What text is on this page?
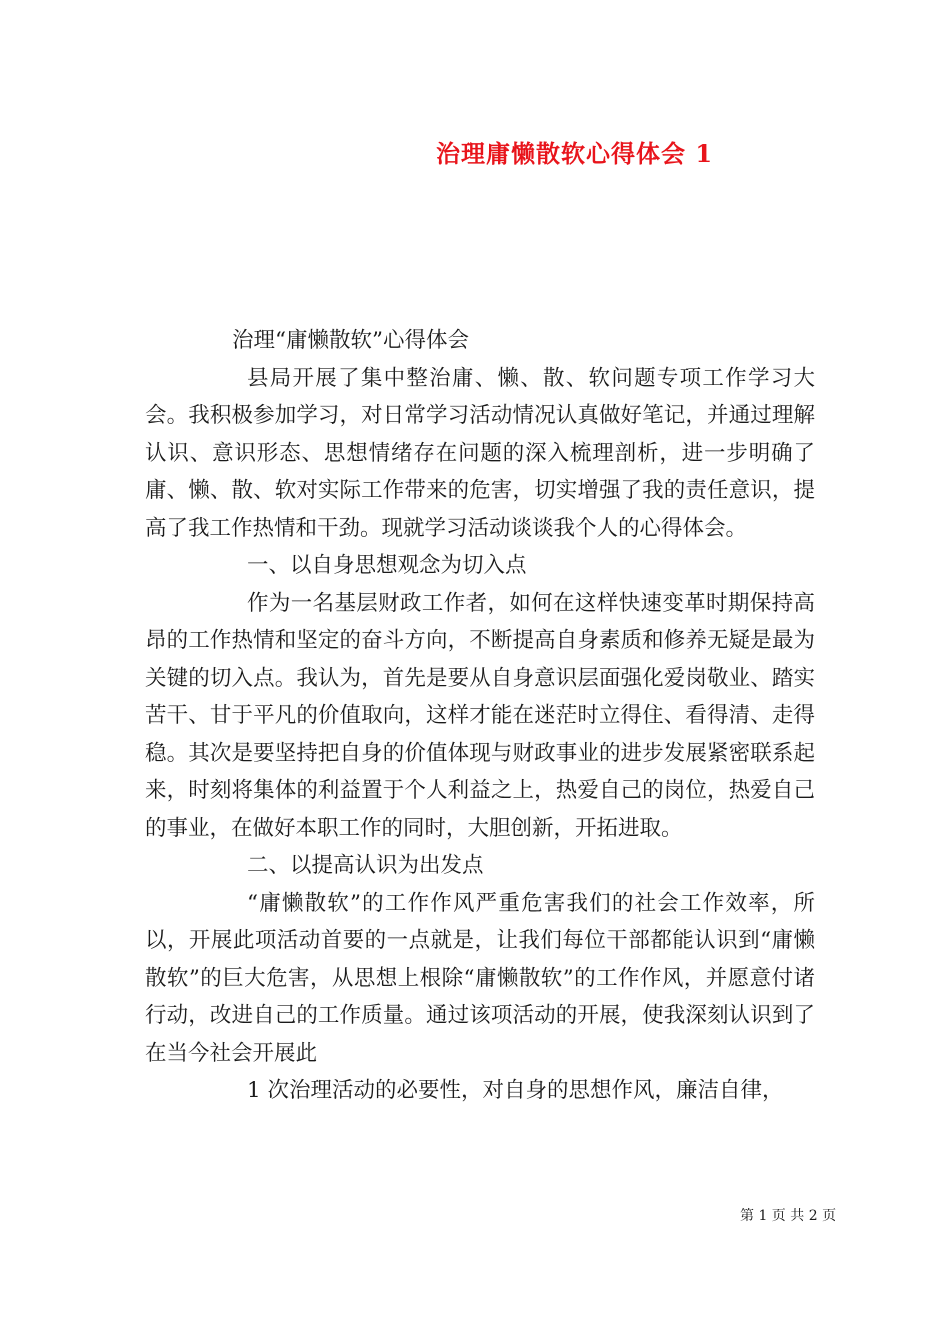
治理庸懒散软心得体会 1

治理“庸懒散软”心得体会

县局开展了集中整治庸、懒、散、软问题专项工作学习大会。我积极参加学习，对日常学习活动情况认真做好笔记，并通过理解认识、意识形态、思想情绪存在问题的深入梳理剖析，进一步明确了庸、懒、散、软对实际工作带来的危害，切实增强了我的责任意识，提高了我工作热情和干劲。现就学习活动谈谈我个人的心得体会。

一、以自身思想观念为切入点

作为一名基层财政工作者，如何在这样快速变革时期保持高昂的工作热情和坚定的奋斗方向，不断提高自身素质和修养无疑是最为关键的切入点。我认为，首先是要从自身意识层面强化爱岗敬业、踏实苦干、甘于平凡的价值取向，这样才能在迷茫时立得住、看得清、走得稳。其次是要坚持把自身的价值体现与财政事业的进步发展紧密联系起来，时刻将集体的利益置于个人利益之上，热爱自己的岗位，热爱自己的事业，在做好本职工作的同时，大胆创新，开拓进取。

二、以提高认识为出发点

“庸懒散软”的工作作风严重危害我们的社会工作效率，所以，开展此项活动首要的一点就是，让我们每位干部都能认识到“庸懒散软”的巨大危害，从思想上根除“庸懒散软”的工作作风，并愿意付诸行动，改进自己的工作质量。通过该项活动的开展，使我深刻认识到了在当今社会开展此

1 次治理活动的必要性，对自身的思想作风，廉洁自律，

第 1 页 共 2 页
